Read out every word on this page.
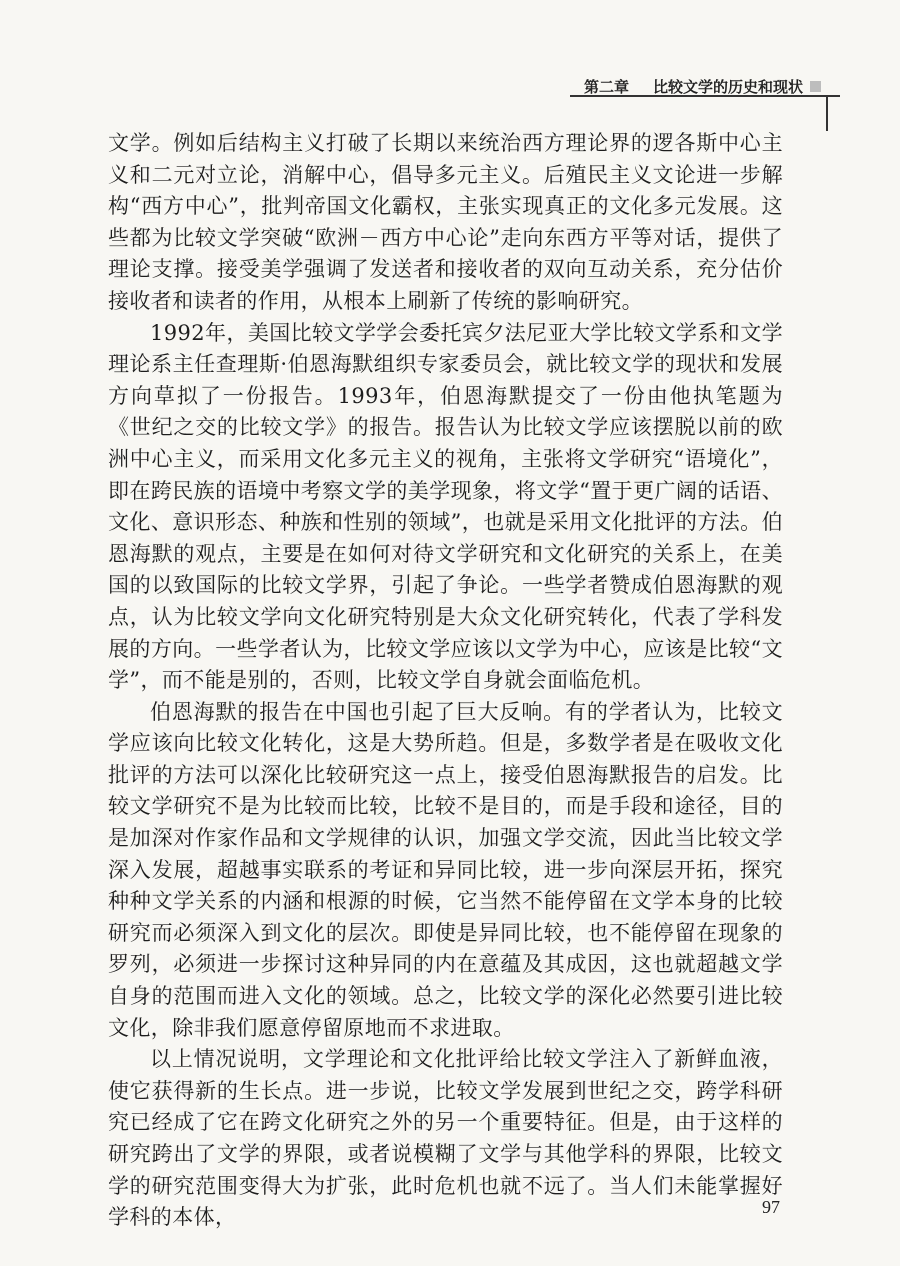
第二章 比较文学的历史和现状

文学。例如后结构主义打破了长期以来统治西方理论界的逻各斯中心主义和二元对立论，消解中心，倡导多元主义。后殖民主义文论进一步解构“西方中心”，批判帝国文化霸权，主张实现真正的文化多元发展。这些都为比较文学突破“欧洲－西方中心论”走向东西方平等对话，提供了理论支撑。接受美学强调了发送者和接收者的双向互动关系，充分估价接收者和读者的作用，从根本上刷新了传统的影响研究。

1992年，美国比较文学学会委托宾夕法尼亚大学比较文学系和文学理论系主任查理斯·伯恩海默组织专家委员会，就比较文学的现状和发展方向草拟了一份报告。1993年，伯恩海默提交了一份由他执笔题为《世纪之交的比较文学》的报告。报告认为比较文学应该摆脱以前的欧洲中心主义，而采用文化多元主义的视角，主张将文学研究“语境化”，即在跨民族的语境中考察文学的美学现象，将文学“置于更广阔的话语、文化、意识形态、种族和性别的领域”，也就是采用文化批评的方法。伯恩海默的观点，主要是在如何对待文学研究和文化研究的关系上，在美国的以致国际的比较文学界，引起了争论。一些学者赞成伯恩海默的观点，认为比较文学向文化研究特别是大众文化研究转化，代表了学科发展的方向。一些学者认为，比较文学应该以文学为中心，应该是比较“文学”，而不能是别的，否则，比较文学自身就会面临危机。

伯恩海默的报告在中国也引起了巨大反响。有的学者认为，比较文学应该向比较文化转化，这是大势所趋。但是，多数学者是在吸收文化批评的方法可以深化比较研究这一点上，接受伯恩海默报告的启发。比较文学研究不是为比较而比较，比较不是目的，而是手段和途径，目的是加深对作家作品和文学规律的认识，加强文学交流，因此当比较文学深入发展，超越事实联系的考证和异同比较，进一步向深层开拓，探究种种文学关系的内涵和根源的时候，它当然不能停留在文学本身的比较研究而必须深入到文化的层次。即使是异同比较，也不能停留在现象的罗列，必须进一步探讨这种异同的内在意蕴及其成因，这也就超越文学自身的范围而进入文化的领域。总之，比较文学的深化必然要引进比较文化，除非我们愿意停留原地而不求进取。

以上情况说明，文学理论和文化批评给比较文学注入了新鲜血液，使它获得新的生长点。进一步说，比较文学发展到世纪之交，跨学科研究已经成了它在跨文化研究之外的另一个重要特征。但是，由于这样的研究跨出了文学的界限，或者说模糊了文学与其他学科的界限，比较文学的研究范围变得大为扩张，此时危机也就不远了。当人们未能掌握好学科的本体，	97
